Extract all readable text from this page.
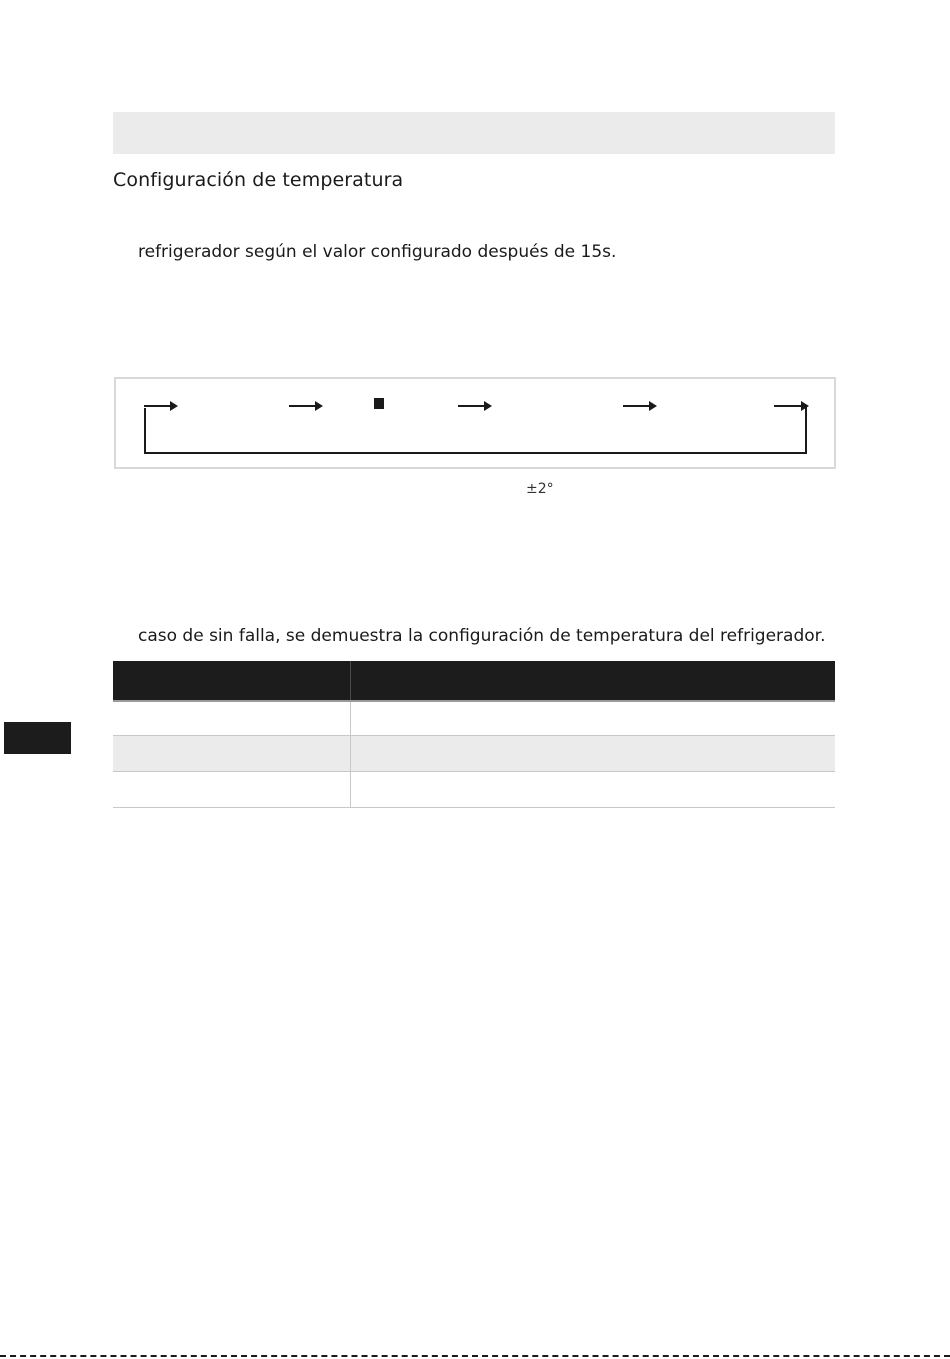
Configuración de temperatura
refrigerador según el valor configurado después de 15s.
±2°
caso de sin falla, se demuestra la configuración de temperatura del refrigerador.
